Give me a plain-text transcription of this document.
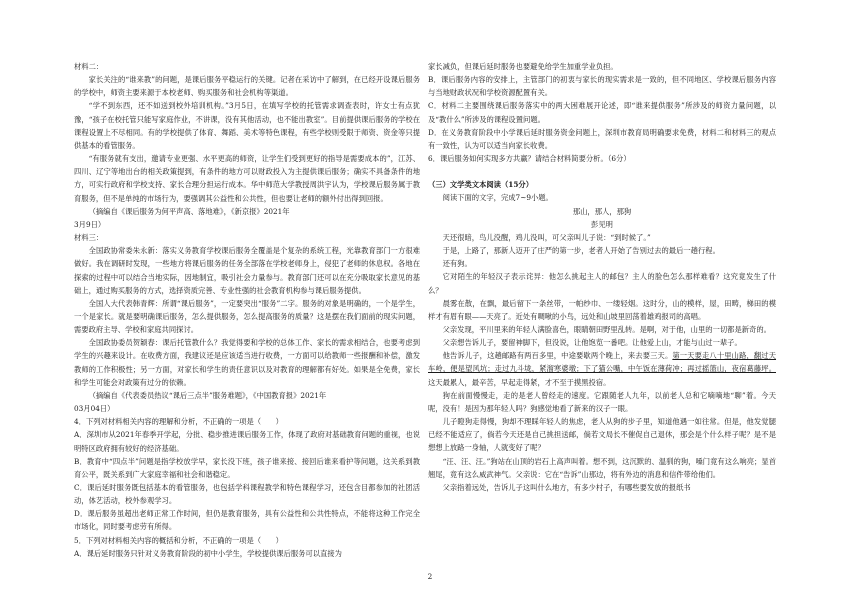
材料二：

家长关注的“谁来教”的问题，是课后服务平稳运行的关键。记者在采访中了解到，在已经开设课后服务的学校中，师资主要来源于本校老师、购买服务和社会机构等渠道。

“学不到东西，还不如送到校外培训机构。”3月5日，在填写学校的托管需求调查表时，许女士有点犹豫，“孩子在校托管只能写家庭作业，不讲课，没有其他活动，也不能出教室”。目前提供课后服务的学校在课程设置上不尽相同。有的学校提供了体育、舞蹈、美术等特色课程，有些学校则受限于师资、资金等只提供基本的看管服务。

“有服务就有支出，邀请专业更强、水平更高的师资，让学生们受到更好的指导是需要成本的”，江苏、四川、辽宁等地出台的相关政策提到，有条件的地方可以财政投入为主提供课后服务；确实不具备条件的地方，可实行政府和学校支持、家长合理分担运行成本。华中师范大学教授周洪宇认为，学校课后服务属于教育服务，但不是单纯的市场行为，要强调其公益性和公共性，但也要让老师的额外付出得到回报。

（摘编自《课后服务为何平声高、落地难》，《新京报》2021年

3月9日）

材料三：

全国政协常委朱永新：落实义务教育学校课后服务全覆盖是个复杂的系统工程，光靠教育部门一方很难做好。我在调研时发现，一些地方将课后服务的任务全部落在学校老师身上，侵犯了老师的休息权。各地在探索的过程中可以结合当地实际，因地制宜，吸引社会力量参与。教育部门还可以在充分吸取家长意见的基础上，通过购买服务的方式，选择资质完善、专业性强的社会教育机构参与课后服务提供。

全国人大代表韩青辉：所谓“课后服务”，一定要突出“服务”二字。服务的对象是明确的，一个是学生，一个是家长。就是要明确课后服务，怎么提供服务，怎么提高服务的质量？这是摆在我们面前的现实问题，需要政府主导、学校和家庭共同探讨。

全国政协委员贺颖春：课后托管教什么？我觉得要和学校的总体工作、家长的需求相结合，也要考虑到学生的兴趣来设计。在收费方面，我建议还是应该适当进行收费，一方面可以给教师一些报酬和补偿，激发教师的工作积极性；另一方面，对家长和学生的责任意识以及对教育的理解都有好处。如果是全免费，家长和学生可能会对政策有过分的依赖。

（摘编自《代表委员热议“课后三点半”服务难题》，《中国教育报》2021年

03月04日）

4．下列对材料相关内容的理解和分析，不正确的一项是（　　）

A．深圳市从2021年春季开学起，分批、稳步推进课后服务工作，体现了政府对基础教育问题的重视，也说明特区政府拥有较好的经济基础。

B．教育中“四点半”问题是指学校放学早，家长没下班，孩子谁来接、接回后谁来看护等问题，这关系到教育公平，既关系到广大家庭幸福和社会和谐稳定。

C．课后延时服务既包括基本的看管服务，也包括学科课程教学和特色课程学习，还包含目都参加的社团活动，体艺活动，校外参观学习。

D．课后服务虽超出老师正常工作时间，但仍是教育服务，具有公益性和公共性特点，不能将这种工作完全市场化，同时要考虑劳有所得。

5．下列对材料相关内容的概括和分析，不正确的一项是（　　）

A．课后延时服务只针对义务教育阶段的初中小学生，学校提供课后服务可以直接为

家长减负，但课后延时服务也要避免给学生加重学业负担。

B．课后服务内容的安排上，主管部门的初衷与家长的现实需求是一致的，但不同地区、学校课后服务内容与当地财政状况和学校资源配置有关。

C．材料二主要围绕课后服务落实中的两大困难展开论述，即“谁来提供服务”所涉及的师资力量问题，以及“教什么”所涉及的课程设置问题。

D．在义务教育阶段中小学课后延时服务资金问题上，深圳市教育局明确要求免费，材料二和材料三的观点有一致性，认为可以适当向家长收费。

6．课后服务如何实现多方共赢？请结合材料简要分析。（6分）

（三）文学类文本阅读（15分）

阅读下面的文字，完成7~9小题。

那山，那人，那狗

彭见明

天还很暗，鸟儿没醒，鸡儿没叫，可父亲叫儿子说：“到时候了。”

于是，上路了，那新人迈开了庄严的第一步，老者人开始了告别过去的最后一趟行程。

还有狗。

它对陌生的年轻汉子表示诧异：他怎么挑起主人的邮包？主人的脸色怎么那样难看？这究竟发生了什么？

晨雾在散，在飘，最后留下一条丝带，一帕纱巾、一缕轻烟。这时分，山的模样，屋，田畴，梯田的模样才有眉有眼——天亮了。近处有啁啾的小鸟，远处和山坡里回荡着雄鸡报司的高唱。

父亲发现，平川里来的年轻人满脸喜色，眼睛朝田野里乱转。是啊，对于他，山里的一切都是新奇的。

父亲想告诉儿子，要留神脚下，但没说，让他饱览一番吧。让他爱上山，才能与山过一辈子。

他告诉儿子，这趟邮路有两百多里，中途要歇两个晚上，来去要三天。第一天要走八十里山路，翻过天车岭，便是望风坑；走过九斗垅，紧溜寒婆墩；下了猫公嘴，中午饭在薄荷冲；再过摇篮山，夜宿葛藤坪。这天最累人，最辛苦，早起走得紧，才不至于摸黑投宿。

狗在前面慢慢走，走的是老人曾经走的速度。它跟随老人九年，以前老人总和它嘀嘀地“聊”着。今天呢，没有！是因为那年轻人吗？狗感觉地看了新来的汉子一眼。

儿子瞪狗走得慢，狗却不理睬年轻人的焦虑，老人从狗的步子里，知道他遇一如往常。但是，他发觉腿已经不能适应了，倘若今天还是自己挑担送邮，倘若文局长不催促自己退休，那会是个什么样子呢？是不是想想上放路一身轴，人就变好了呢？

“汪、汪、汪。”狗站在山顶的岩石上高声叫着。想不到，这沉默的、温驯的狗，嗓门竟有这么响亮；显首翘尾，竟有这么威武神气。父亲说：它在“告诉”山那边，将有外边的消息和信件带给他们。

父亲指着远处，告诉儿子这叫什么地方，有多少村子，有哪些要发放的报纸书

2
